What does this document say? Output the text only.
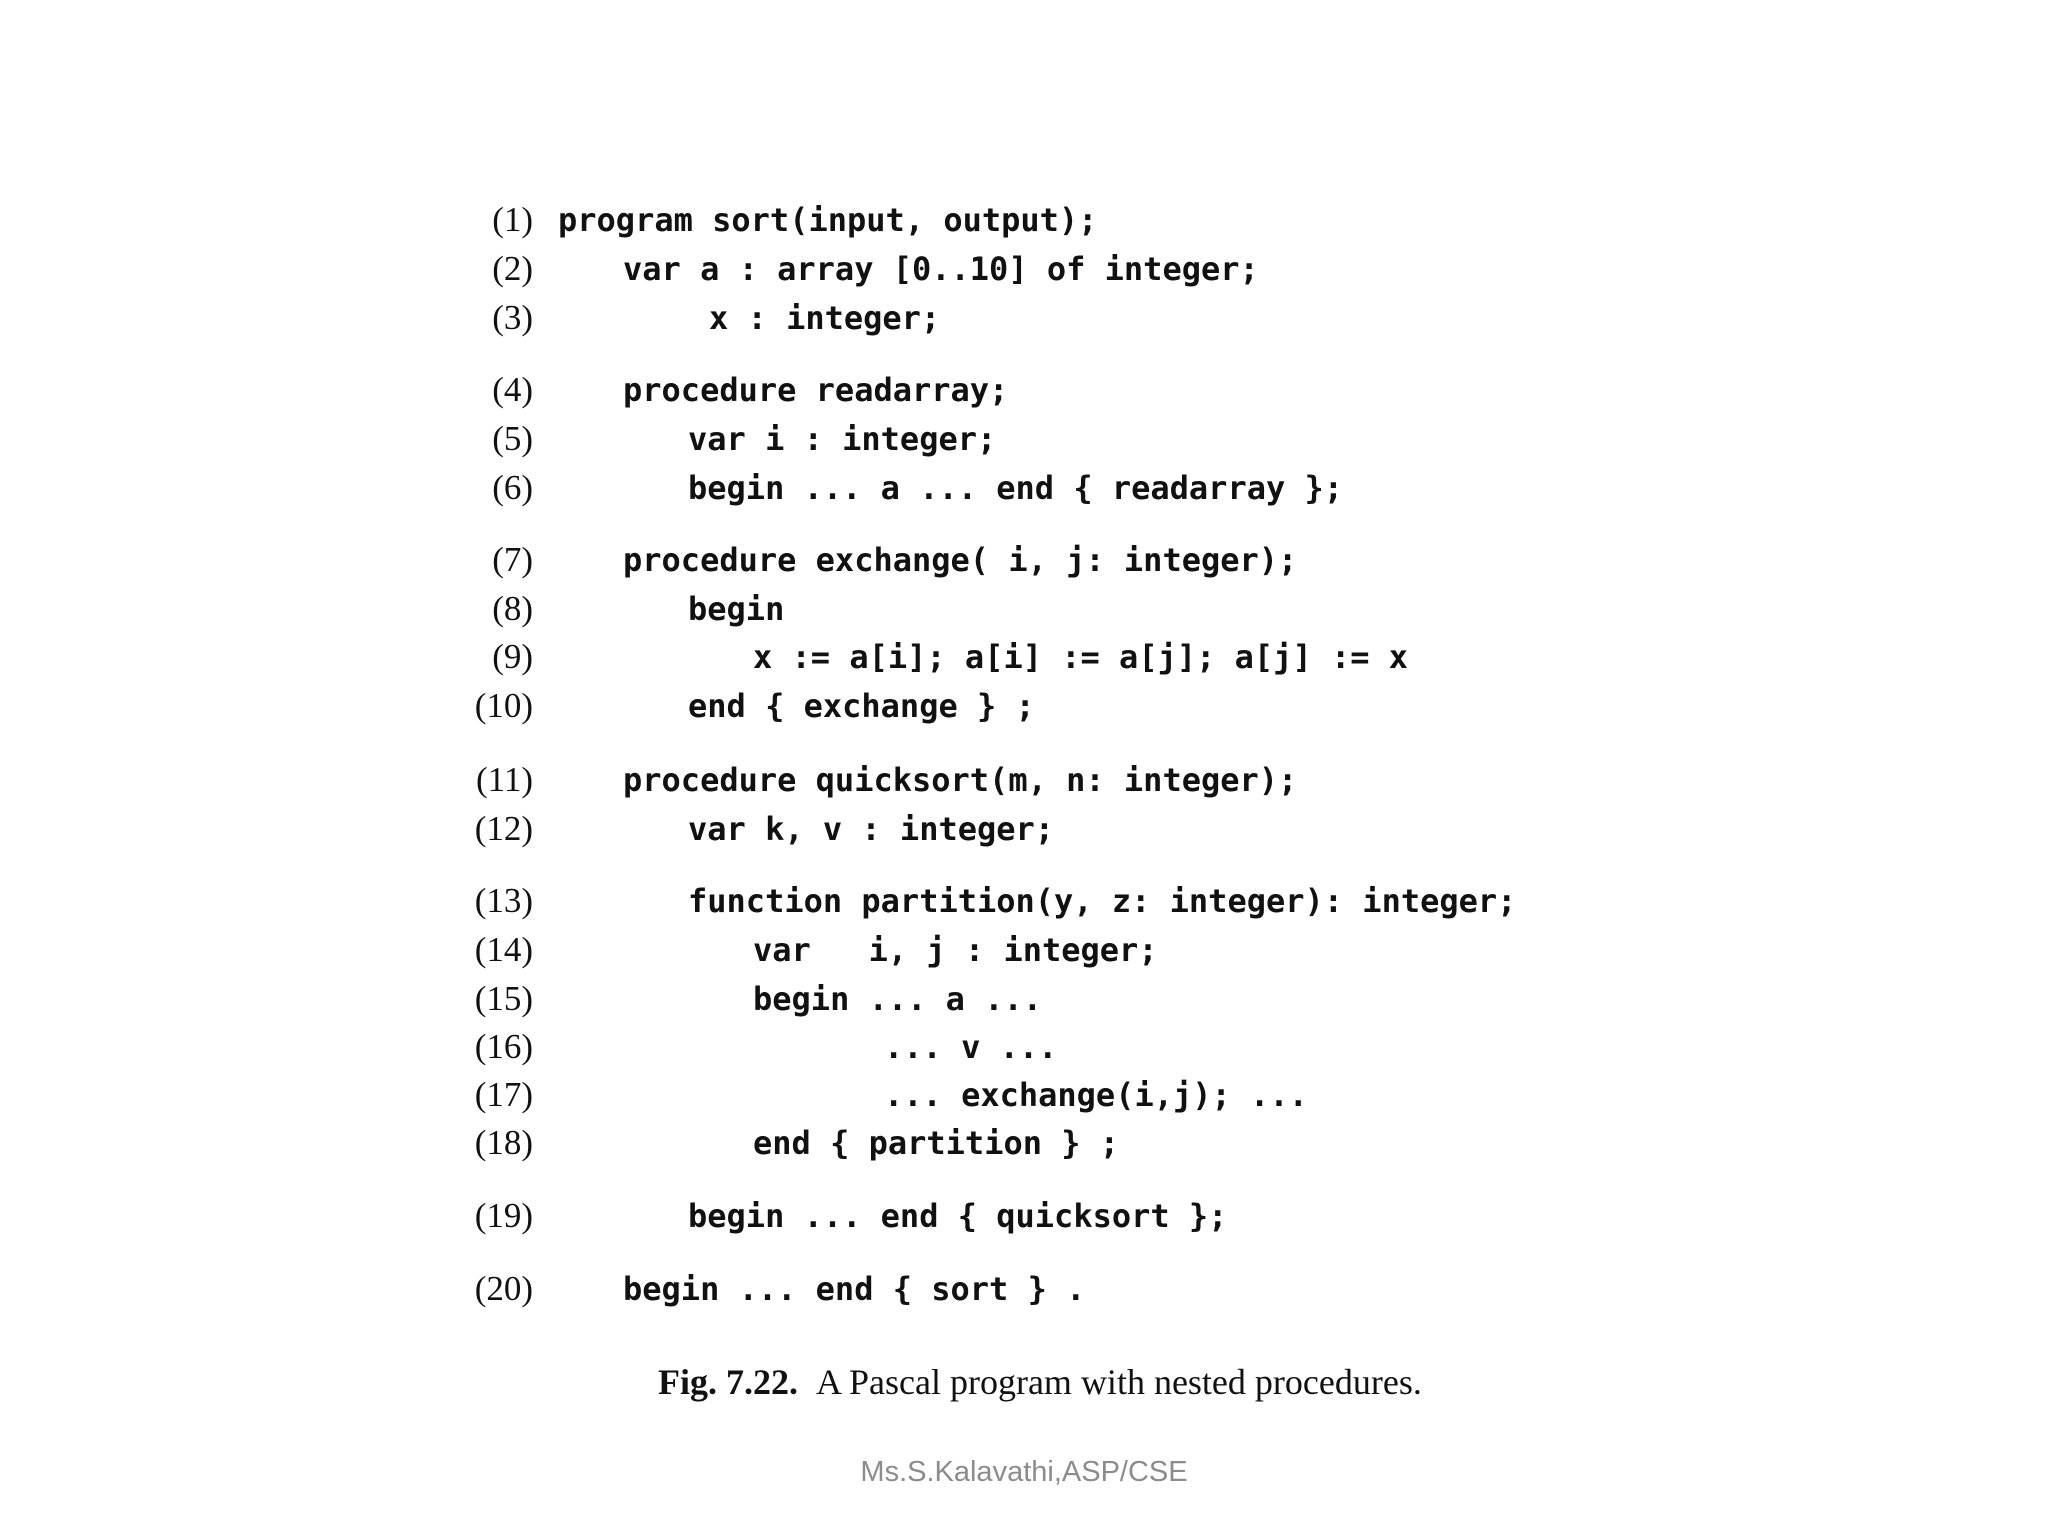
(1) program sort(input, output);
(2)	var a : array [0..10] of integer;
(3)	x : integer;
(4)	procedure readarray;
(5)	var i : integer;
(6)	begin ... a ... end { readarray };
(7)	procedure exchange( i, j: integer);
(8)	begin
(9)	x := a[i]; a[i] := a[j]; a[j] := x
(10)	end { exchange } ;
(11)	procedure quicksort(m, n: integer);
(12)	var k, v : integer;
(13)	function partition(y, z: integer): integer;
(14)	var   i, j : integer;
(15)	begin ... a ...
(16)	... v ...
(17)	... exchange(i,j); ...
(18)	end { partition } ;
(19)	begin ... end { quicksort };
(20)	begin ... end { sort } .
Fig. 7.22. A Pascal program with nested procedures.
Ms.S.Kalavathi,ASP/CSE
